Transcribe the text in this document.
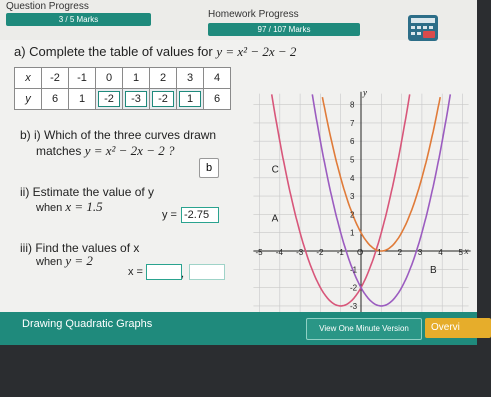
Question Progress
3 / 5 Marks	Homework Progress
97 / 107 Marks
a) Complete the table of values for y = x² − 2x − 2
x	-2	-1	0	1	2	3	4
y	6	1	-2	-3	-2	1	6
b) i) Which of the three curves drawn
matches y = x² − 2x − 2 ?
b
ii) Estimate the value of y
when x = 1.5
y = -2.75
iii) Find the values of x
when y = 2
x =	,
-5 -4 -3 -2 -1 O 1 2 3 4 5
8
7
6
5
4
3
2
1
-1
-2
-3
x
y
A
B
C
Drawing Quadratic Graphs	View One Minute Version	Overvi
